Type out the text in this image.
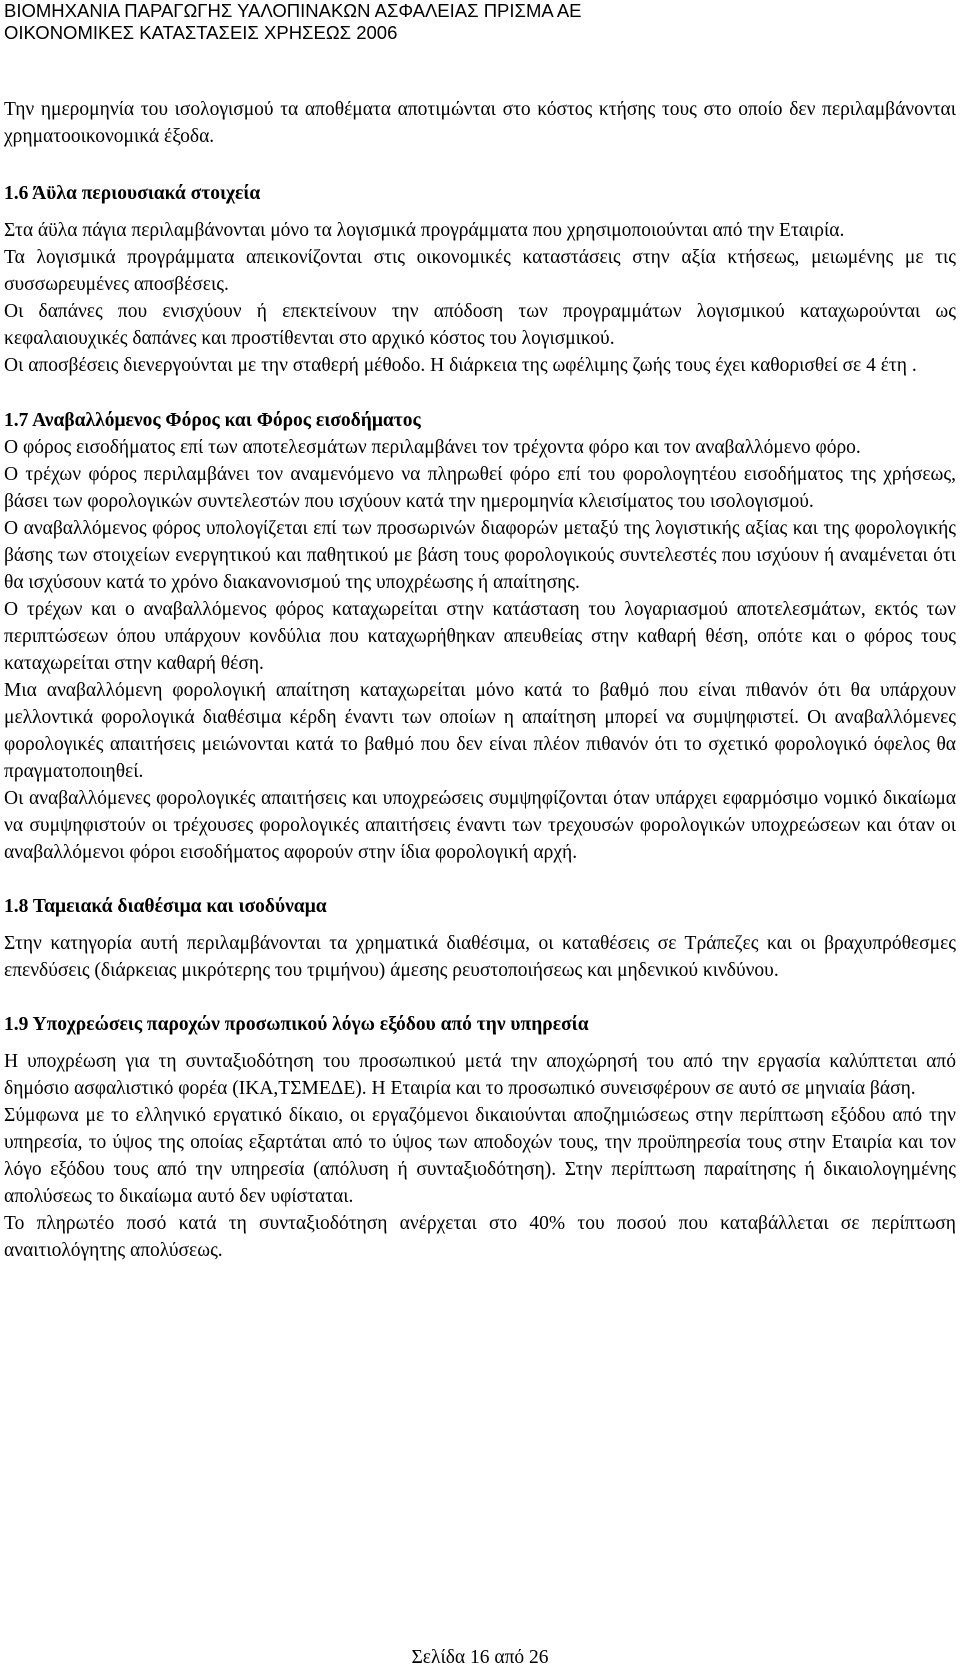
ΒΙΟΜΗΧΑΝΙΑ ΠΑΡΑΓΩΓΗΣ ΥΑΛΟΠΙΝΑΚΩΝ ΑΣΦΑΛΕΙΑΣ ΠΡΙΣΜΑ ΑΕ
ΟΙΚΟΝΟΜΙΚΕΣ ΚΑΤΑΣΤΑΣΕΙΣ ΧΡΗΣΕΩΣ 2006

Την ημερομηνία του ισολογισμού τα αποθέματα αποτιμώνται στο κόστος κτήσης τους στο οποίο δεν περιλαμβάνονται χρηματοοικονομικά έξοδα.

1.6 Άϋλα περιουσιακά στοιχεία

Στα άϋλα πάγια περιλαμβάνονται μόνο τα λογισμικά προγράμματα που χρησιμοποιούνται από την Εταιρία.

Τα λογισμικά προγράμματα απεικονίζονται στις οικονομικές καταστάσεις στην αξία κτήσεως, μειωμένης με τις συσσωρευμένες αποσβέσεις.

Οι δαπάνες που ενισχύουν ή επεκτείνουν την απόδοση των προγραμμάτων λογισμικού καταχωρούνται ως κεφαλαιουχικές δαπάνες και προστίθενται στο αρχικό κόστος του λογισμικού.

Οι αποσβέσεις διενεργούνται με την σταθερή μέθοδο. Η διάρκεια της ωφέλιμης ζωής τους έχει καθορισθεί σε 4 έτη .

1.7 Αναβαλλόμενος Φόρος και Φόρος εισοδήματος

Ο φόρος εισοδήματος επί των αποτελεσμάτων περιλαμβάνει τον τρέχοντα φόρο και τον αναβαλλόμενο φόρο.

Ο τρέχων φόρος περιλαμβάνει τον αναμενόμενο να πληρωθεί φόρο επί του φορολογητέου εισοδήματος της χρήσεως, βάσει των φορολογικών συντελεστών που ισχύουν κατά την ημερομηνία κλεισίματος του ισολογισμού.

Ο αναβαλλόμενος φόρος υπολογίζεται επί των προσωρινών διαφορών μεταξύ της λογιστικής αξίας και της φορολογικής βάσης των στοιχείων ενεργητικού και παθητικού με βάση τους φορολογικούς συντελεστές που ισχύουν ή αναμένεται ότι θα ισχύσουν κατά το χρόνο διακανονισμού της υποχρέωσης ή απαίτησης.

Ο τρέχων και ο αναβαλλόμενος φόρος καταχωρείται στην κατάσταση του λογαριασμού αποτελεσμάτων, εκτός των περιπτώσεων όπου υπάρχουν κονδύλια που καταχωρήθηκαν απευθείας στην καθαρή θέση, οπότε και ο φόρος τους καταχωρείται στην καθαρή θέση.

Μια αναβαλλόμενη φορολογική απαίτηση καταχωρείται μόνο κατά το βαθμό που είναι πιθανόν ότι θα υπάρχουν μελλοντικά φορολογικά διαθέσιμα κέρδη έναντι των οποίων η απαίτηση μπορεί να συμψηφιστεί. Οι αναβαλλόμενες φορολογικές απαιτήσεις μειώνονται κατά το βαθμό που δεν είναι πλέον πιθανόν ότι το σχετικό φορολογικό όφελος θα πραγματοποιηθεί.

Οι αναβαλλόμενες φορολογικές απαιτήσεις και υποχρεώσεις συμψηφίζονται όταν υπάρχει εφαρμόσιμο νομικό δικαίωμα να συμψηφιστούν οι τρέχουσες φορολογικές απαιτήσεις έναντι των τρεχουσών φορολογικών υποχρεώσεων και όταν οι αναβαλλόμενοι φόροι εισοδήματος αφορούν στην ίδια φορολογική αρχή.

1.8 Ταμειακά διαθέσιμα και ισοδύναμα

Στην κατηγορία αυτή περιλαμβάνονται τα χρηματικά διαθέσιμα, οι καταθέσεις σε Τράπεζες και οι βραχυπρόθεσμες επενδύσεις (διάρκειας μικρότερης του τριμήνου) άμεσης ρευστοποιήσεως και μηδενικού κινδύνου.

1.9 Υποχρεώσεις παροχών προσωπικού λόγω εξόδου από την υπηρεσία

Η υποχρέωση για τη συνταξιοδότηση του προσωπικού μετά την αποχώρησή του από την εργασία καλύπτεται από δημόσιο ασφαλιστικό φορέα (ΙΚΑ,ΤΣΜΕΔΕ). Η Εταιρία και το προσωπικό συνεισφέρουν σε αυτό σε μηνιαία βάση.

Σύμφωνα με το ελληνικό εργατικό δίκαιο, οι εργαζόμενοι δικαιούνται αποζημιώσεως στην περίπτωση εξόδου από την υπηρεσία, το ύψος της οποίας εξαρτάται από το ύψος των αποδοχών τους, την προϋπηρεσία τους στην Εταιρία και τον λόγο εξόδου τους από την υπηρεσία (απόλυση ή συνταξιοδότηση). Στην περίπτωση παραίτησης ή δικαιολογημένης απολύσεως το δικαίωμα αυτό δεν υφίσταται.

Το πληρωτέο ποσό κατά τη συνταξιοδότηση ανέρχεται στο 40% του ποσού που καταβάλλεται σε περίπτωση αναιτιολόγητης απολύσεως.

Σελίδα 16 από 26
